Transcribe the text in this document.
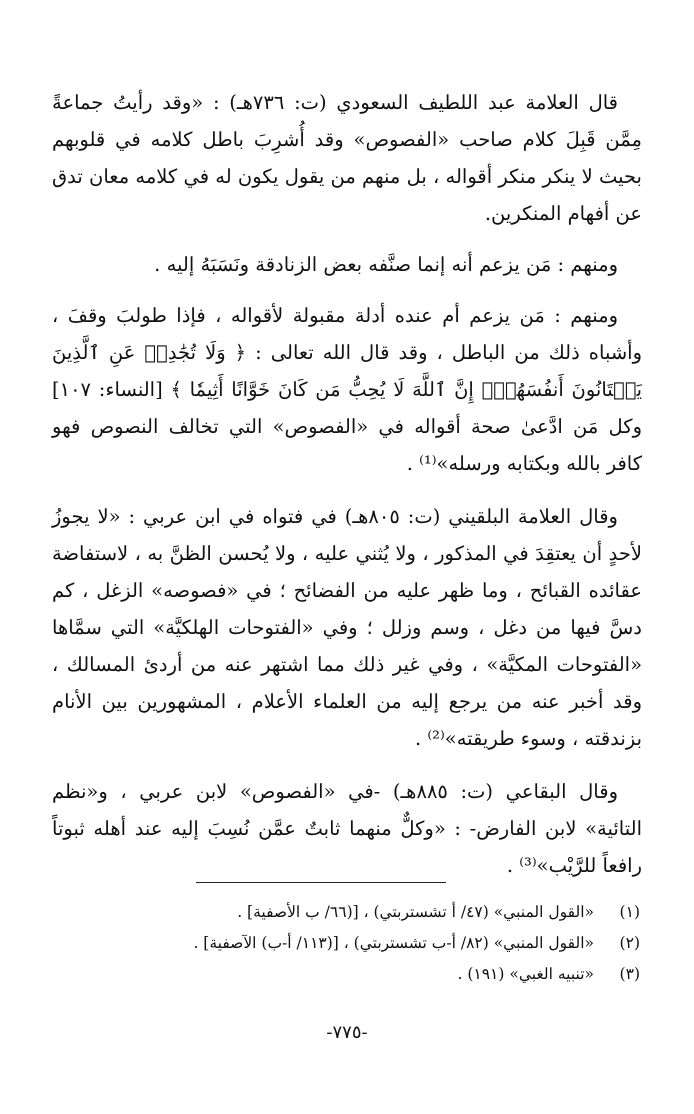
قال العلامة عبد اللطيف السعودي (ت: ٧٣٦هـ) : «وقد رأيتُ جماعةً مِمَّن قَبِلَ كلام صاحب «الفصوص» وقد أُشرِبَ باطل كلامه في قلوبهم بحيث لا ينكر منكر أقواله ، بل منهم من يقول يكون له في كلامه معان تدق عن أفهام المنكرين.

ومنهم : مَن يزعم أنه إنما صنَّفه بعض الزنادقة ونَسَبَهُ إليه .

ومنهم : مَن يزعم أم عنده أدلة مقبولة لأقواله ، فإذا طولبَ وقفَ ، وأشباه ذلك من الباطل ، وقد قال الله تعالى : ﴿ وَلَا تُجَٰدِلۡ عَنِ ٱلَّذِينَ يَخۡتَانُونَ أَنفُسَهُمۡۚ إِنَّ ٱللَّهَ لَا يُحِبُّ مَن كَانَ خَوَّانًا أَثِيمٗا ﴾ [النساء: ١٠٧] وكل مَن ادَّعىٰ صحة أقواله في «الفصوص» التي تخالف النصوص فهو كافر بالله وبكتابه ورسله»⁽¹⁾ .

وقال العلامة البلقيني (ت: ٨٠٥هـ) في فتواه في ابن عربي : «لا يجوزُ لأحدٍ أن يعتقِدَ في المذكور ، ولا يُثني عليه ، ولا يُحسن الظنَّ به ، لاستفاضة عقائده القبائح ، وما ظهر عليه من الفضائح ؛ في «فصوصه» الزغل ، كم دسَّ فيها من دغل ، وسم وزلل ؛ وفي «الفتوحات الهلكيَّة» التي سمَّاها «الفتوحات المكيَّة» ، وفي غير ذلك مما اشتهر عنه من أردئ المسالك ، وقد أخبر عنه من يرجع إليه من العلماء الأعلام ، المشهورين بين الأنام بزندقته ، وسوء طريقته»⁽²⁾ .

وقال البقاعي (ت: ٨٨٥هـ) -في «الفصوص» لابن عربي ، و«نظم التائية» لابن الفارض- : «وكلٌّ منهما ثابتٌ عمَّن نُسِبَ إليه عند أهله ثبوتاً رافعاً للرَّيْب»⁽³⁾ .

(١)
«القول المنبي» (٤٧/ أ تشستربتي) ، [(٦٦/ ب الأصفية] .
(٢)
«القول المنبي» (٨٢/ أ-ب تشستربتي) ، [(١١٣/ أ-ب) الآصفية] .
(٣)
«تنبيه الغبي» (١٩١) .
-٧٧٥-
